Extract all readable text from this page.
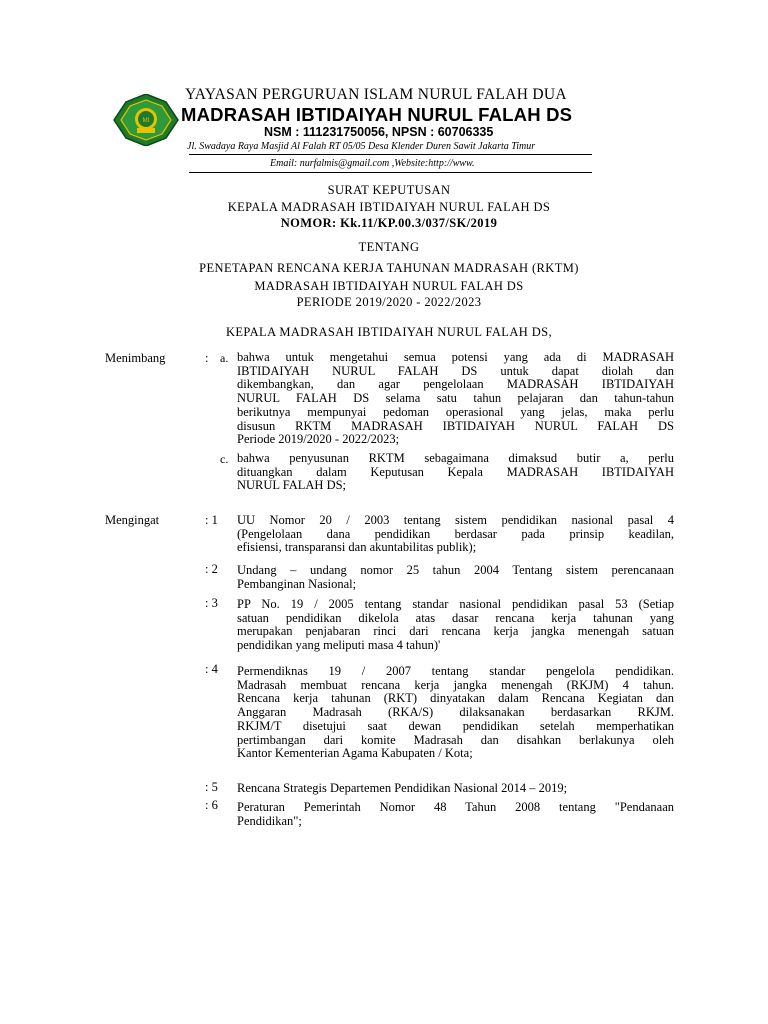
MI
YAYASAN PERGURUAN ISLAM NURUL FALAH DUA
MADRASAH IBTIDAIYAH NURUL FALAH DS
NSM : 111231750056, NPSN : 60706335
Jl. Swadaya Raya Masjid Al Falah RT 05/05 Desa Klender Duren Sawit Jakarta Timur
Email: nurfalmis@gmail.com ,Website:http://www.
SURAT KEPUTUSAN
KEPALA MADRASAH IBTIDAIYAH NURUL FALAH DS
NOMOR: Kk.11/KP.00.3/037/SK/2019
TENTANG
PENETAPAN RENCANA KERJA TAHUNAN MADRASAH (RKTM)
MADRASAH IBTIDAIYAH NURUL FALAH DS
PERIODE 2019/2020 - 2022/2023
KEPALA MADRASAH IBTIDAIYAH NURUL FALAH DS,
Menimbang	: a. bahwa untuk mengetahui semua potensi yang ada di MADRASAH
IBTIDAIYAH NURUL FALAH DS untuk dapat diolah dan
dikembangkan, dan agar pengelolaan MADRASAH IBTIDAIYAH
NURUL FALAH DS selama satu tahun pelajaran dan tahun-tahun
berikutnya mempunyai pedoman operasional yang jelas, maka perlu
disusun RKTM MADRASAH IBTIDAIYAH NURUL FALAH DS
Periode 2019/2020 - 2022/2023;
c. bahwa penyusunan RKTM sebagaimana dimaksud butir a, perlu
dituangkan dalam Keputusan Kepala MADRASAH IBTIDAIYAH
NURUL FALAH DS;
Mengingat	: 1 UU Nomor 20 / 2003 tentang sistem pendidikan nasional pasal 4
(Pengelolaan dana pendidikan berdasar pada prinsip keadilan,
efisiensi, transparansi dan akuntabilitas publik);
: 2 Undang – undang nomor 25 tahun 2004 Tentang sistem perencanaan
Pembanginan Nasional;
: 3 PP No. 19 / 2005 tentang standar nasional pendidikan pasal 53 (Setiap
satuan pendidikan dikelola atas dasar rencana kerja tahunan yang
merupakan penjabaran rinci dari rencana kerja jangka menengah satuan
pendidikan yang meliputi masa 4 tahun)'
: 4 Permendiknas 19 / 2007 tentang standar pengelola pendidikan.
Madrasah membuat rencana kerja jangka menengah (RKJM) 4 tahun.
Rencana kerja tahunan (RKT) dinyatakan dalam Rencana Kegiatan dan
Anggaran Madrasah (RKA/S) dilaksanakan berdasarkan RKJM.
RKJM/T disetujui saat dewan pendidikan setelah memperhatikan
pertimbangan dari komite Madrasah dan disahkan berlakunya oleh
Kantor Kementerian Agama Kabupaten / Kota;
: 5 Rencana Strategis Departemen Pendidikan Nasional 2014 – 2019;
: 6 Peraturan Pemerintah Nomor 48 Tahun 2008 tentang "Pendanaan
Pendidikan";
